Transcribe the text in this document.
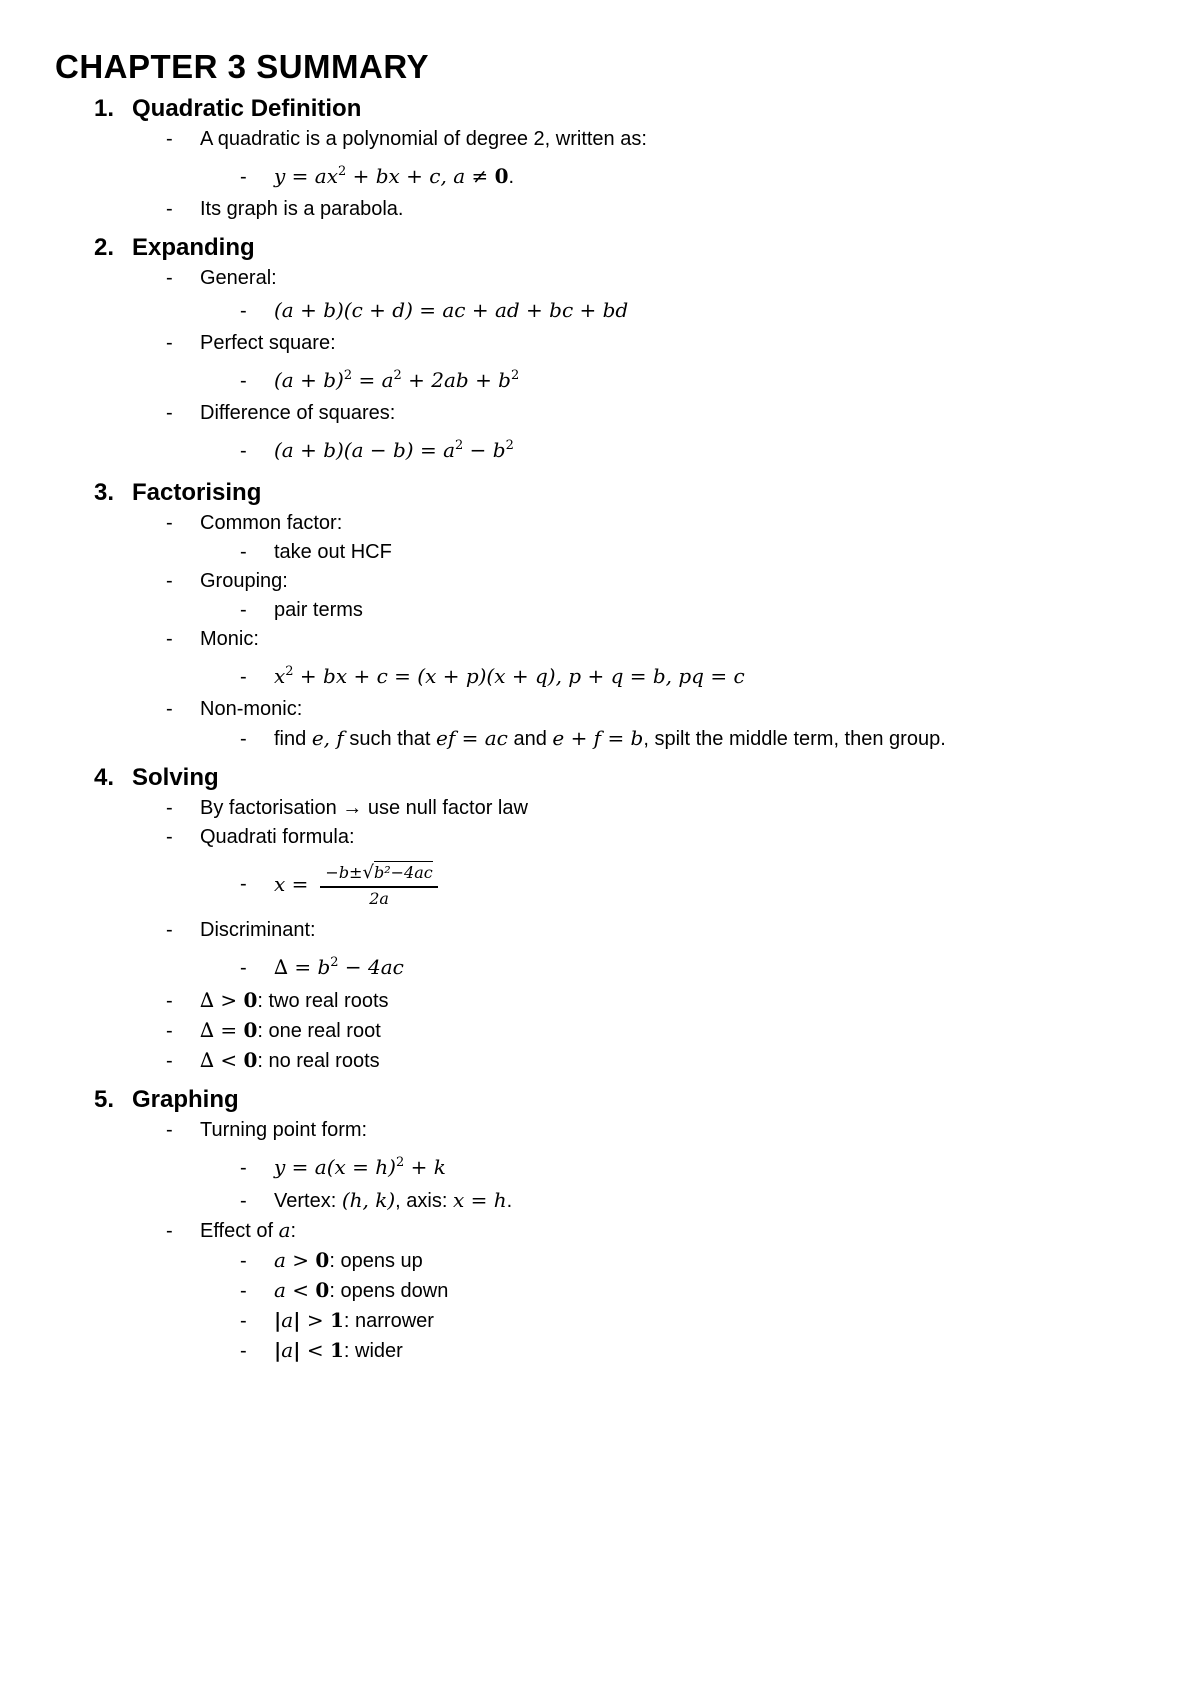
CHAPTER 3 SUMMARY
1. Quadratic Definition
- A quadratic is a polynomial of degree 2, written as:
- $y = ax^2$ + bx + c, a ≠ 0.
- Its graph is a parabola.
2. Expanding
- General:
- (a + b)(c + d) = ac + ad + bc + bd
- Perfect square:
- $(a + b)^2 = a^2 + 2ab + b^2$
- Difference of squares:
- $(a + b)(a - b) = a^2 - b^2$
3. Factorising
- Common factor:
- take out HCF
- Grouping:
- pair terms
- Monic:
- $x^2$ + bx + c = (x + p)(x + q), p + q = b, pq = c
- Non-monic:
- find e, f such that ef = ac and e + f = b, spilt the middle term, then group.
4. Solving
- By factorisation → use null factor law
- Quadrati formula:
-	$x = \frac{\text{−b±√b²−4ac}}{2a}$
- Discriminant:
- ∆ = $b^2 - 4ac$
- ∆ > 0: two real roots
- ∆ = 0: one real root
- ∆ < 0: no real roots
5. Graphing
- Turning point form:
- y = a(x = h)$^2$ + k
- Vertex: (h, k), axis: x = h.
- Effect of a:
- a > 0: opens up
- a < 0: opens down
- |a| > 1: narrower
- |a| < 1: wider
